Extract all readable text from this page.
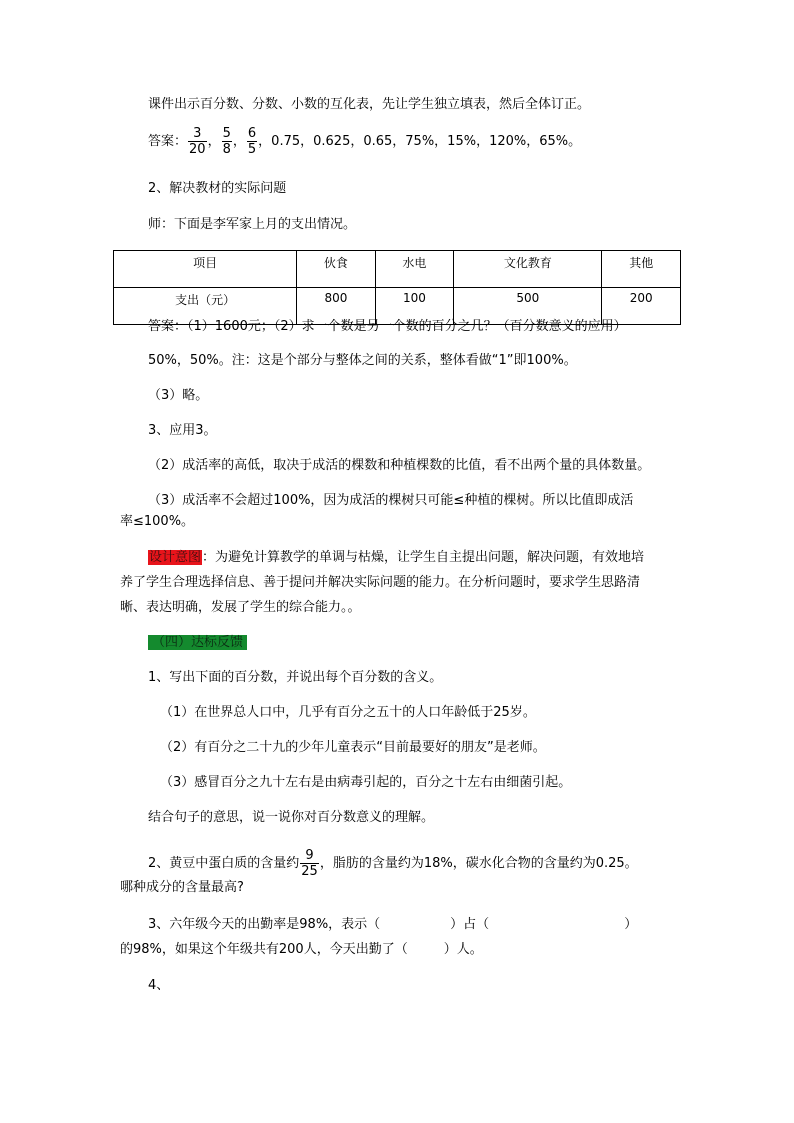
课件出示百分数、分数、小数的互化表，先让学生独立填表，然后全体订正。
答案： $\frac{3}{20}$ ， $\frac{5}{8}$ ， $\frac{6}{5}$ ，0.75，0.625，0.65，75%，15%，120%，65%。
2、解决教材的实际问题
师：下面是李军家上月的支出情况。
项目	伙食	水电	文化教育	其他
支出（元）	800	100	500	200
答案：（1）1600元；（2）求一个数是另一个数的百分之几？（百分数意义的应用）
50%，50%。注：这是个部分与整体之间的关系，整体看做“1”即100%。
（3）略。
3、应用3。
（2）成活率的高低，取决于成活的棵数和种植棵数的比值，看不出两个量的具体数量。
（3）成活率不会超过100%，因为成活的棵树只可能≤种植的棵树。所以比值即成活
率≤100%。
设计意图：为避免计算教学的单调与枯燥，让学生自主提出问题，解决问题，有效地培
养了学生合理选择信息、善于提问并解决实际问题的能力。在分析问题时，要求学生思路清
晰、表达明确，发展了学生的综合能力。。
（四）达标反馈
1、写出下面的百分数，并说出每个百分数的含义。
（1）在世界总人口中，几乎有百分之五十的人口年龄低于25岁。
（2）有百分之二十九的少年儿童表示“目前最要好的朋友”是老师。
（3）感冒百分之九十左右是由病毒引起的，百分之十左右由细菌引起。
结合句子的意思，说一说你对百分数意义的理解。
2、黄豆中蛋白质的含量约 $\frac{9}{25}$ ，脂肪的含量约为18%，碳水化合物的含量约为0.25。
哪种成分的含量最高?
3、六年级今天的出勤率是98%，表示（	）占（	）
的98%，如果这个年级共有200人，今天出勤了（	）人。
4、
